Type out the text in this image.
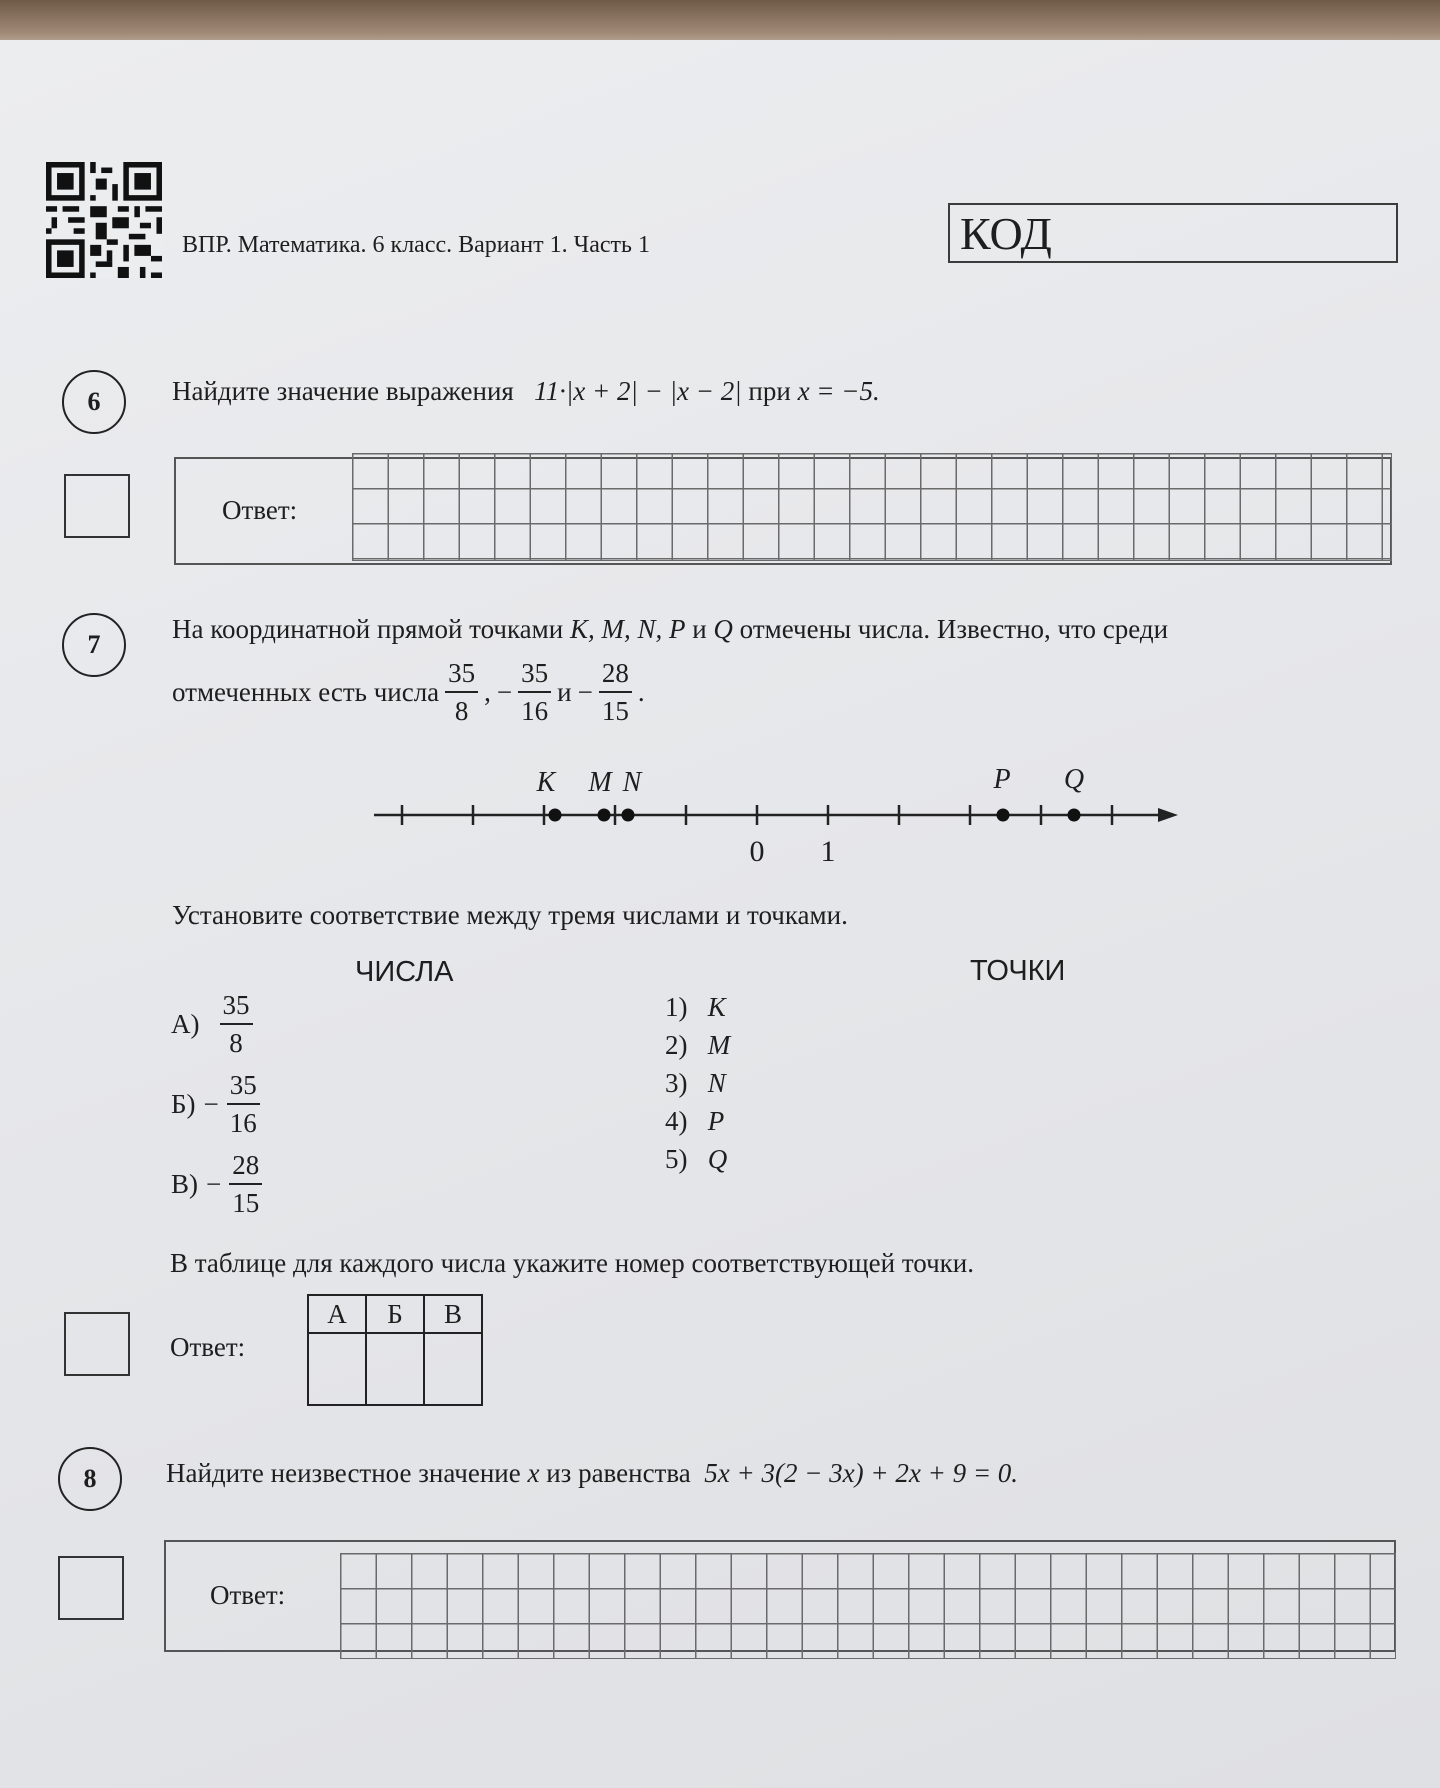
ВПР. Математика. 6 класс. Вариант 1. Часть 1	КОД
6	Найдите значение выражения 11·|x + 2| − |x − 2| при x = −5.
Ответ:
7
На координатной прямой точками K, M, N, P и Q отмечены числа. Известно, что среди
отмеченных есть числа $\frac{35}{8}$ , − $\frac{35}{16}$ $и - \frac{28}{15}$ .
K M N	P Q
0 1
Установите соответствие между тремя числами и точками.
ЧИСЛА	ТОЧКИ
$А) \frac{35}{8}$
$Б) - \frac{35}{16}$
$В) - \frac{28}{15}$
1) K
2) M
3) N
4) P
5) Q
В таблице для каждого числа укажите номер соответствующей точки.
Ответ:
А	Б	В

8	Найдите неизвестное значение x из равенства 5x + 3(2 − 3x) + 2x + 9 = 0.
Ответ:
